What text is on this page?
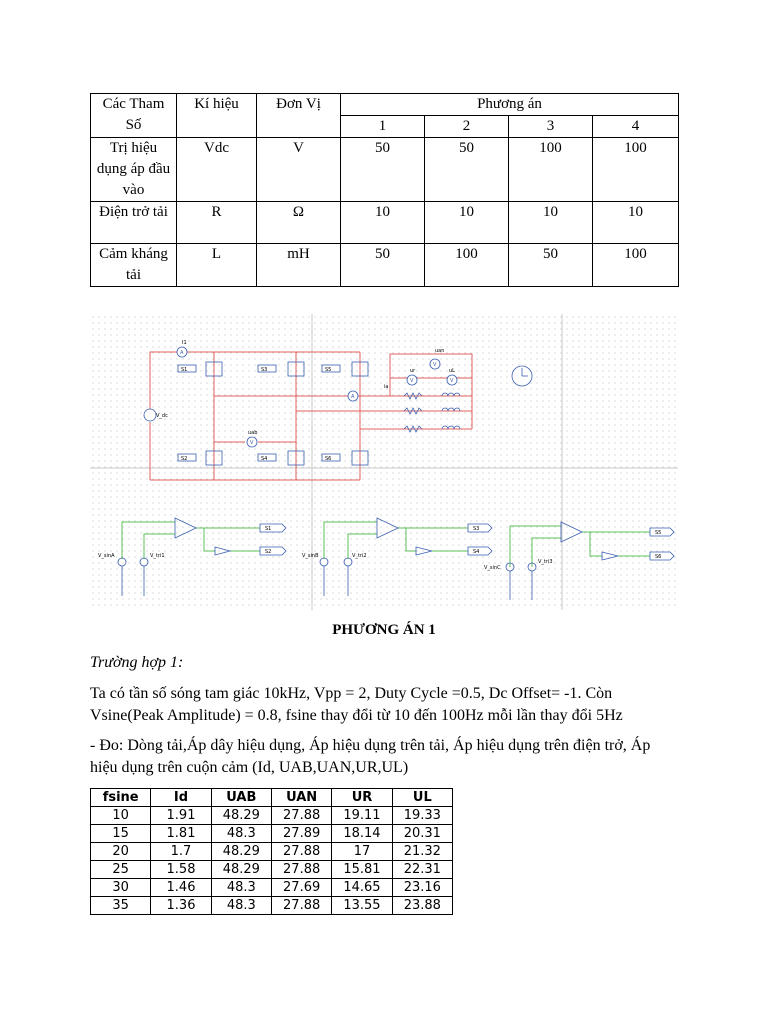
Các Tham Số	Kí hiệu	Đơn Vị	Phương án			
			1	2	3	4
Trị hiệu dụng áp đầu vào	Vdc	V	50	50	100	100
Điện trở tải	R	Ω	10	10	10	10
Cảm kháng tải	L	mH	50	100	50	100
S1	S3	S5
S2	S4	S6
A
V
V
V	V
A
I1
V_dc
uab
uan
ur	uL
ia
S1
S2
S3
S4
S5
S6
V_sinA	V_tri1	V_sinB	V_tri2
V_sinC
V_tri3
PHƯƠNG ÁN 1
Trường hợp 1:
Ta có tần số sóng tam giác 10kHz, Vpp = 2, Duty Cycle =0.5, Dc Offset= -1. Còn Vsine(Peak Amplitude) = 0.8, fsine thay đổi từ 10 đến 100Hz mỗi lần thay đổi 5Hz
- Đo: Dòng tải,Áp dây hiệu dụng, Áp hiệu dụng trên tải, Áp hiệu dụng trên điện trở, Áp hiệu dụng trên cuộn cảm (Id, UAB,UAN,UR,UL)
fsine	Id	UAB	UAN	UR	UL
10	1.91	48.29	27.88	19.11	19.33
15	1.81	48.3	27.89	18.14	20.31
20	1.7	48.29	27.88	17	21.32
25	1.58	48.29	27.88	15.81	22.31
30	1.46	48.3	27.69	14.65	23.16
35	1.36	48.3	27.88	13.55	23.88
